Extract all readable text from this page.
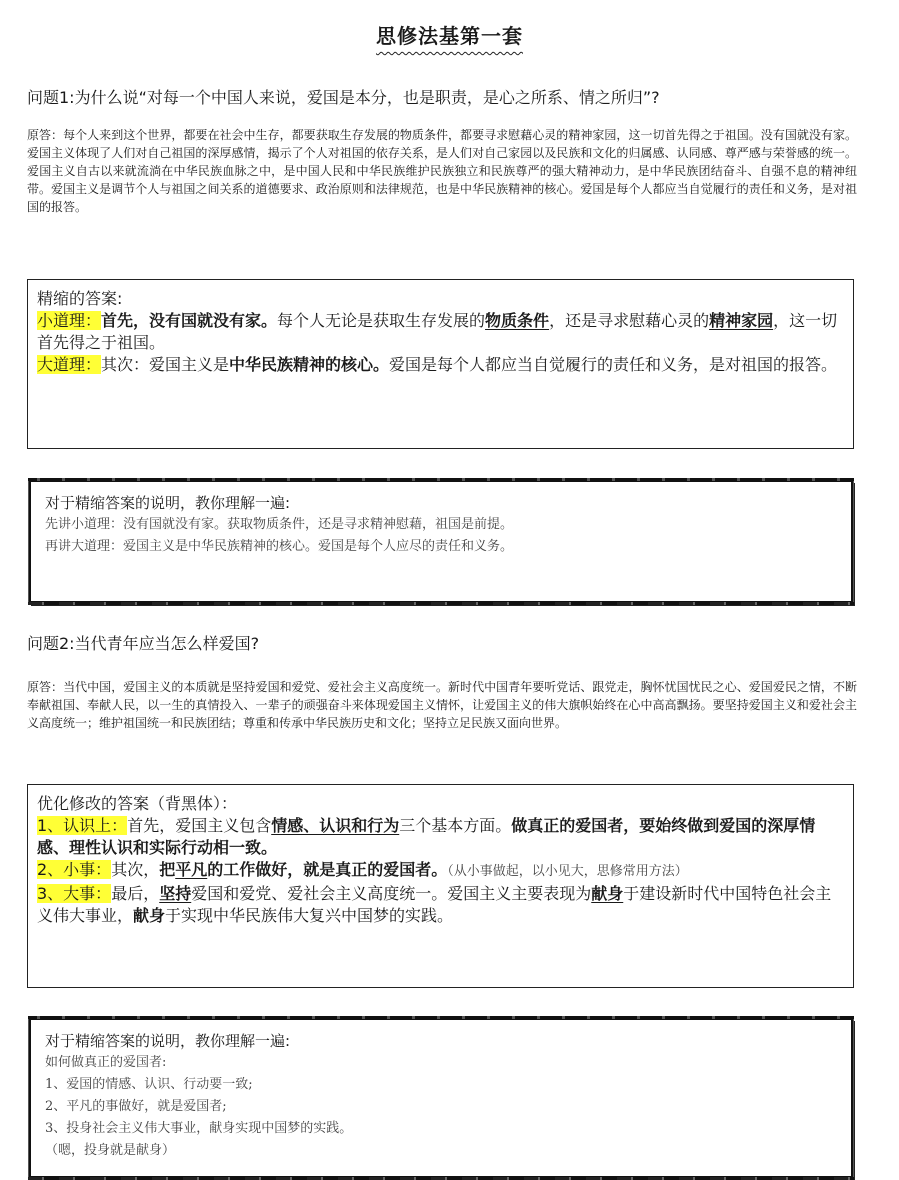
思修法基第一套
问题1:为什么说“对每一个中国人来说，爱国是本分，也是职责，是心之所系、情之所归”?
原答：每个人来到这个世界，都要在社会中生存，都要获取生存发展的物质条件，都要寻求慰藉心灵的精神家园，这一切首先得之于祖国。没有国就没有家。爱国主义体现了人们对自己祖国的深厚感情，揭示了个人对祖国的依存关系，是人们对自己家园以及民族和文化的归属感、认同感、尊严感与荣誉感的统一。爱国主义自古以来就流淌在中华民族血脉之中，是中国人民和中华民族维护民族独立和民族尊严的强大精神动力，是中华民族团结奋斗、自强不息的精神纽带。爱国主义是调节个人与祖国之间关系的道德要求、政治原则和法律规范，也是中华民族精神的核心。爱国是每个人都应当自觉履行的责任和义务，是对祖国的报答。
精缩的答案:
小道理：首先，没有国就没有家。每个人无论是获取生存发展的物质条件，还是寻求慰藉心灵的精神家园，这一切首先得之于祖国。
大道理：其次：爱国主义是中华民族精神的核心。爱国是每个人都应当自觉履行的责任和义务，是对祖国的报答。
对于精缩答案的说明，教你理解一遍:
先讲小道理：没有国就没有家。获取物质条件，还是寻求精神慰藉，祖国是前提。
再讲大道理：爱国主义是中华民族精神的核心。爱国是每个人应尽的责任和义务。
问题2:当代青年应当怎么样爱国?
原答：当代中国，爱国主义的本质就是坚持爱国和爱党、爱社会主义高度统一。新时代中国青年要听党话、跟党走，胸怀忧国忧民之心、爱国爱民之情，不断奉献祖国、奉献人民，以一生的真情投入、一辈子的顽强奋斗来体现爱国主义情怀，让爱国主义的伟大旗帜始终在心中高高飘扬。要坚持爱国主义和爱社会主义高度统一；维护祖国统一和民族团结；尊重和传承中华民族历史和文化；坚持立足民族又面向世界。
优化修改的答案（背黑体）：
1、认识上：首先，爱国主义包含情感、认识和行为三个基本方面。做真正的爱国者，要始终做到爱国的深厚情感、理性认识和实际行动相一致。
2、小事：其次，把平凡的工作做好，就是真正的爱国者。（从小事做起，以小见大，思修常用方法）
3、大事：最后，坚持爱国和爱党、爱社会主义高度统一。爱国主义主要表现为献身于建设新时代中国特色社会主义伟大事业，献身于实现中华民族伟大复兴中国梦的实践。
对于精缩答案的说明，教你理解一遍:
如何做真正的爱国者:
1、爱国的情感、认识、行动要一致;
2、平凡的事做好，就是爱国者;
3、投身社会主义伟大事业，献身实现中国梦的实践。
（嗯，投身就是献身）
